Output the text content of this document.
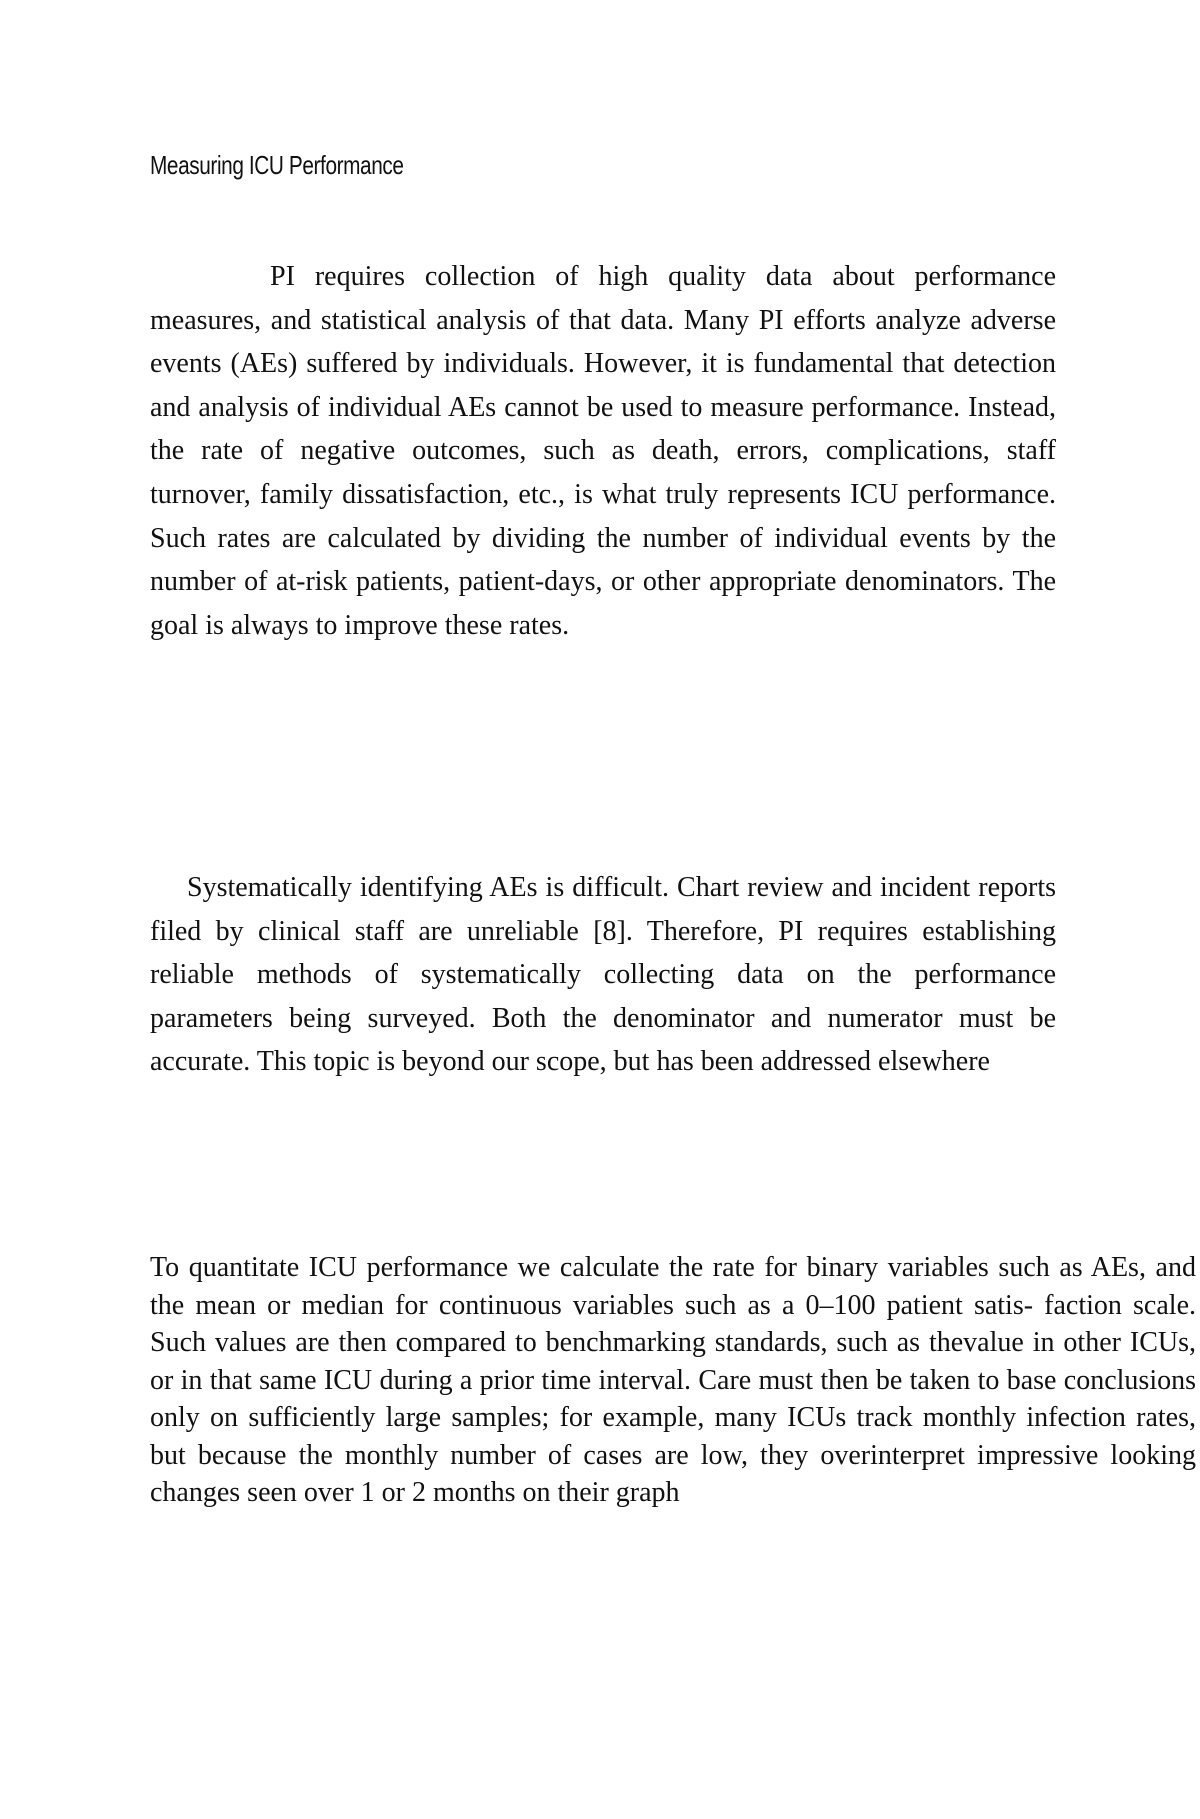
Measuring ICU Performance

PI requires collection of high quality data about performance measures, and statistical analysis of that data. Many PI efforts analyze adverse events (AEs) suffered by individuals. However, it is fundamental that detection and analysis of individual AEs cannot be used to measure performance. Instead, the rate of negative outcomes, such as death, errors, complications, staff turnover, family dissatisfaction, etc., is what truly represents ICU performance. Such rates are calculated by dividing the number of individual events by the number of at-risk patients, patient-days, or other appropriate denominators. The goal is always to improve these rates.

Systematically identifying AEs is difficult. Chart review and incident reports filed by clinical staff are unreliable [8]. Therefore, PI requires establishing reliable methods of systematically collecting data on the performance parameters being surveyed. Both the denominator and numerator must be accurate. This topic is beyond our scope, but has been addressed elsewhere

To quantitate ICU performance we calculate the rate for binary variables such as AEs, and the mean or median for continuous variables such as a 0–100 patient satis- faction scale. Such values are then compared to benchmarking standards, such as thevalue in other ICUs, or in that same ICU during a prior time interval. Care must then be taken to base conclusions only on sufficiently large samples; for example, many ICUs track monthly infection rates, but because the monthly number of cases are low, they overinterpret impressive looking changes seen over 1 or 2 months on their graph
